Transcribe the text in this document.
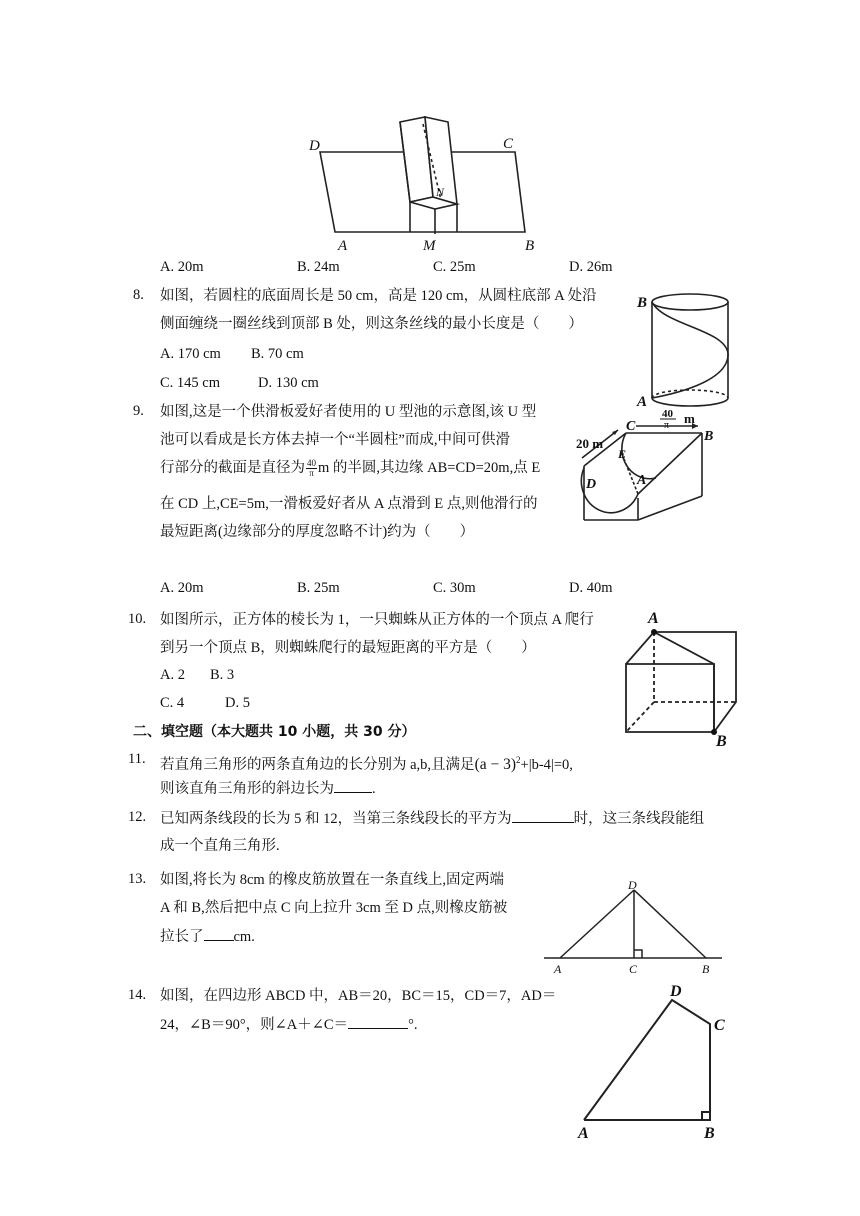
D	C
N
A	M	B
A. 20m	B. 24m	C. 25m	D. 26m
8. 如图，若圆柱的底面周长是 50 cm，高是 120 cm，从圆柱底部 A 处沿
侧面缠绕一圈丝线到顶部 B 处，则这条丝线的最小长度是（　　）
A. 170 cm B. 70 cm
C. 145 cm	D. 130 cm
B
A
9. 如图,这是一个供滑板爱好者使用的 U 型池的示意图,该 U 型
池可以看成是长方体去掉一个“半圆柱”而成,中间可供滑
行部分的截面是直径为 $\frac{40}{\pi}$ m 的半圆,其边缘 AB=CD=20m,点 E
在 CD 上,CE=5m,一滑板爱好者从 A 点滑到 E 点,则他滑行的
最短距离(边缘部分的厚度忽略不计)约为（　　）
20 m
C
B
E
D	A
40
π m
A. 20m	B. 25m	C. 30m	D. 40m
10. 如图所示，正方体的棱长为 1，一只蜘蛛从正方体的一个顶点 A 爬行
到另一个顶点 B，则蜘蛛爬行的最短距离的平方是（　　）
A. 2 B. 3
C. 4	D. 5
A
B
二、填空题（本大题共 10 小题，共 30 分）
11. 若直角三角形的两条直角边的长分别为 a,b,且满足$(a - 3)^2+|b-4|=0$,
则该直角三角形的斜边长为	.
12. 已知两条线段的长为 5 和 12，当第三条线段长的平方为	时，这三条线段能组
成一个直角三角形.
13. 如图,将长为 8cm 的橡皮筋放置在一条直线上,固定两端
A 和 B,然后把中点 C 向上拉升 3cm 至 D 点,则橡皮筋被
拉长了 cm.
D
A	C	B
14. 如图，在四边形 ABCD 中，AB＝20，BC＝15，CD＝7，AD＝
24，∠B＝90°，则∠A＋∠C＝	°.
D
C
A	B
